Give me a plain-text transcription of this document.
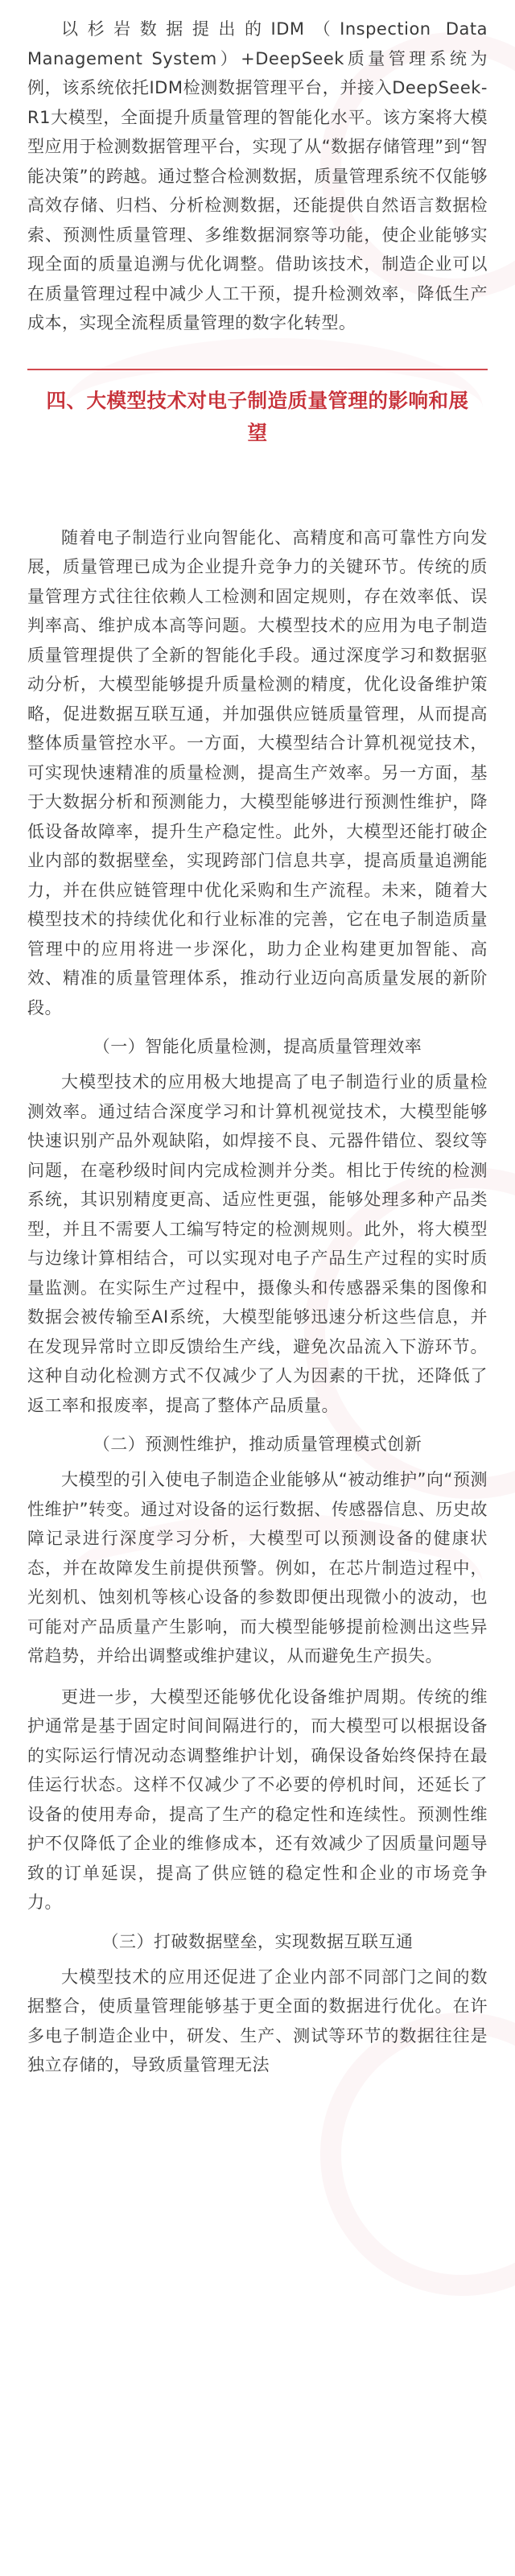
以杉岩数据提出的IDM（Inspection Data Management System）+DeepSeek质量管理系统为例，该系统依托IDM检测数据管理平台，并接入DeepSeek-R1大模型，全面提升质量管理的智能化水平。该方案将大模型应用于检测数据管理平台，实现了从“数据存储管理”到“智能决策”的跨越。通过整合检测数据，质量管理系统不仅能够高效存储、归档、分析检测数据，还能提供自然语言数据检索、预测性质量管理、多维数据洞察等功能，使企业能够实现全面的质量追溯与优化调整。借助该技术，制造企业可以在质量管理过程中减少人工干预，提升检测效率，降低生产成本，实现全流程质量管理的数字化转型。

四、大模型技术对电子制造质量管理的影响和展望

随着电子制造行业向智能化、高精度和高可靠性方向发展，质量管理已成为企业提升竞争力的关键环节。传统的质量管理方式往往依赖人工检测和固定规则，存在效率低、误判率高、维护成本高等问题。大模型技术的应用为电子制造质量管理提供了全新的智能化手段。通过深度学习和数据驱动分析，大模型能够提升质量检测的精度，优化设备维护策略，促进数据互联互通，并加强供应链质量管理，从而提高整体质量管控水平。一方面，大模型结合计算机视觉技术，可实现快速精准的质量检测，提高生产效率。另一方面，基于大数据分析和预测能力，大模型能够进行预测性维护，降低设备故障率，提升生产稳定性。此外，大模型还能打破企业内部的数据壁垒，实现跨部门信息共享，提高质量追溯能力，并在供应链管理中优化采购和生产流程。未来，随着大模型技术的持续优化和行业标准的完善，它在电子制造质量管理中的应用将进一步深化，助力企业构建更加智能、高效、精准的质量管理体系，推动行业迈向高质量发展的新阶段。

（一）智能化质量检测，提高质量管理效率

大模型技术的应用极大地提高了电子制造行业的质量检测效率。通过结合深度学习和计算机视觉技术，大模型能够快速识别产品外观缺陷，如焊接不良、元器件错位、裂纹等问题，在毫秒级时间内完成检测并分类。相比于传统的检测系统，其识别精度更高、适应性更强，能够处理多种产品类型，并且不需要人工编写特定的检测规则。此外，将大模型与边缘计算相结合，可以实现对电子产品生产过程的实时质量监测。在实际生产过程中，摄像头和传感器采集的图像和数据会被传输至AI系统，大模型能够迅速分析这些信息，并在发现异常时立即反馈给生产线，避免次品流入下游环节。这种自动化检测方式不仅减少了人为因素的干扰，还降低了返工率和报废率，提高了整体产品质量。

（二）预测性维护，推动质量管理模式创新

大模型的引入使电子制造企业能够从“被动维护”向“预测性维护”转变。通过对设备的运行数据、传感器信息、历史故障记录进行深度学习分析，大模型可以预测设备的健康状态，并在故障发生前提供预警。例如，在芯片制造过程中，光刻机、蚀刻机等核心设备的参数即便出现微小的波动，也可能对产品质量产生影响，而大模型能够提前检测出这些异常趋势，并给出调整或维护建议，从而避免生产损失。

更进一步，大模型还能够优化设备维护周期。传统的维护通常是基于固定时间间隔进行的，而大模型可以根据设备的实际运行情况动态调整维护计划，确保设备始终保持在最佳运行状态。这样不仅减少了不必要的停机时间，还延长了设备的使用寿命，提高了生产的稳定性和连续性。预测性维护不仅降低了企业的维修成本，还有效减少了因质量问题导致的订单延误，提高了供应链的稳定性和企业的市场竞争力。

（三）打破数据壁垒，实现数据互联互通

大模型技术的应用还促进了企业内部不同部门之间的数据整合，使质量管理能够基于更全面的数据进行优化。在许多电子制造企业中，研发、生产、测试等环节的数据往往是独立存储的，导致质量管理无法
